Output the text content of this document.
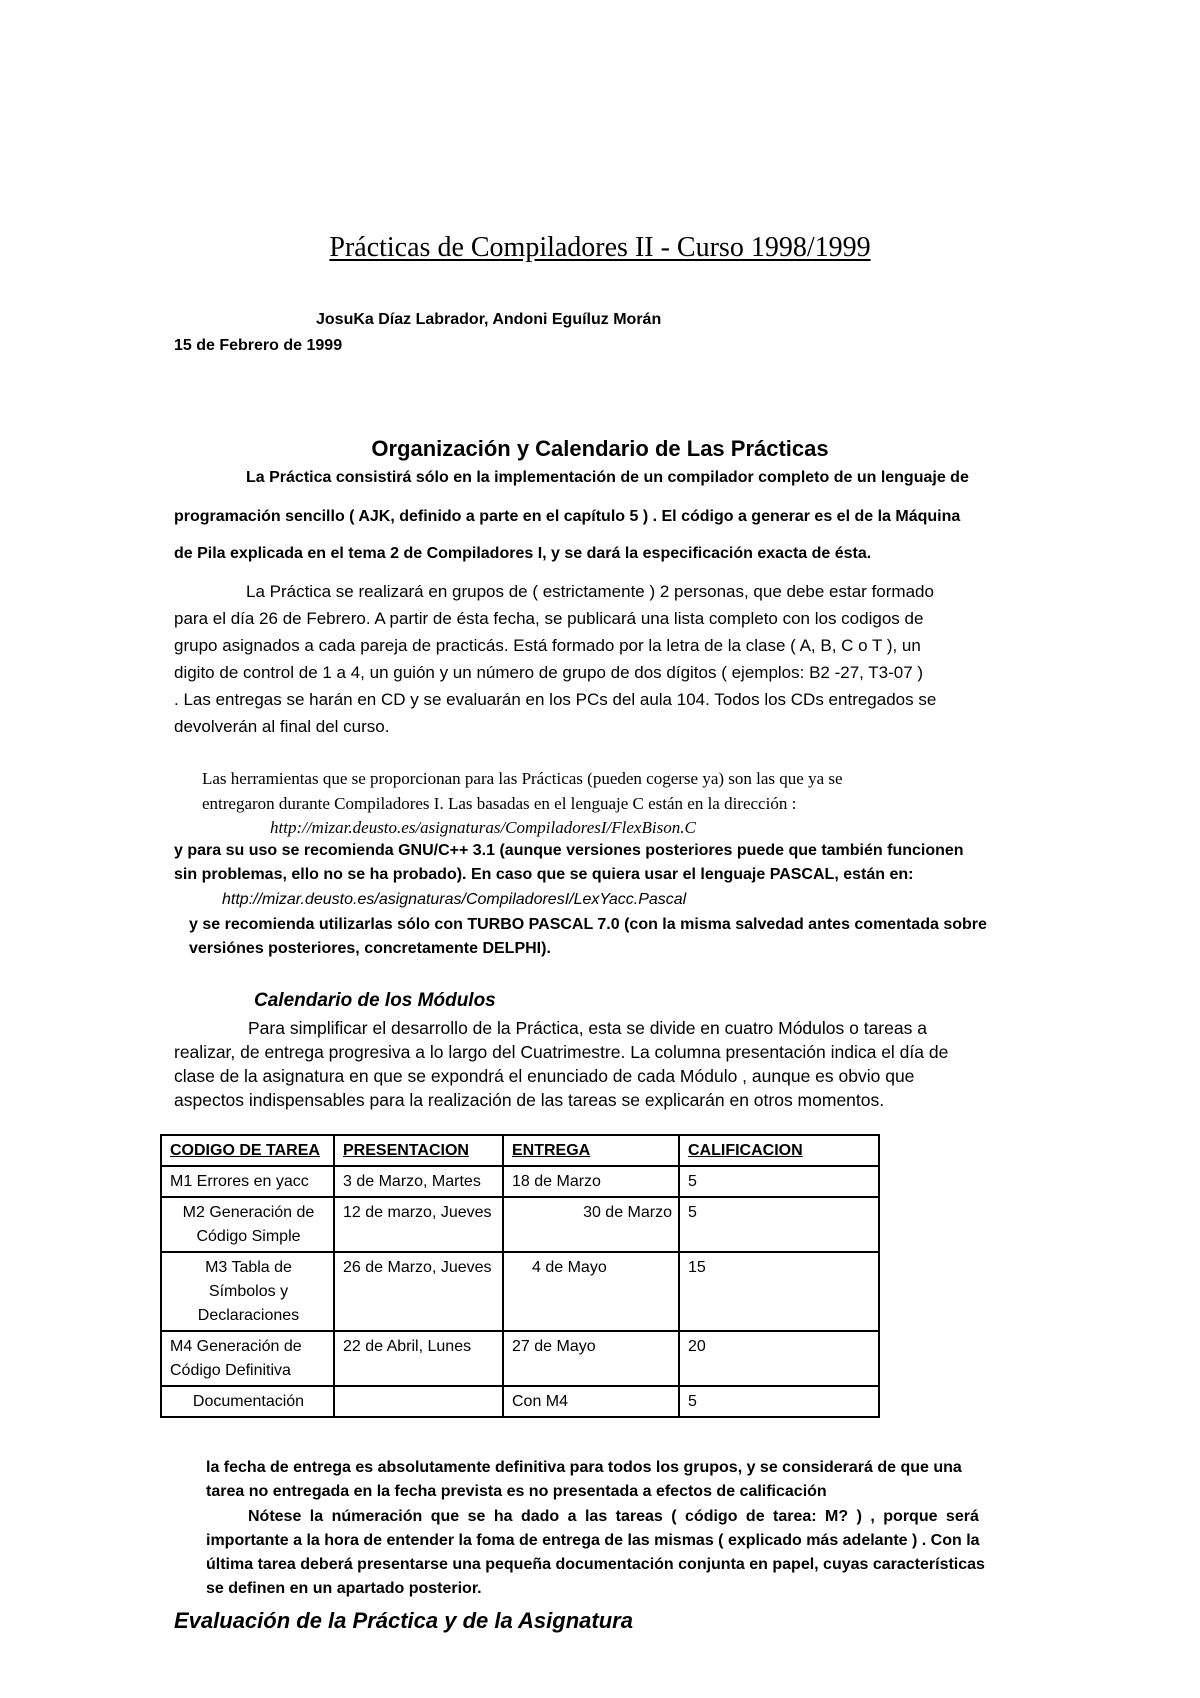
Prácticas de Compiladores II - Curso 1998/1999
JosuKa Díaz Labrador, Andoni Eguíluz Morán
15 de Febrero de 1999
Organización y Calendario de Las Prácticas
La Práctica consistirá sólo en la implementación de un compilador completo de un lenguaje de
programación sencillo ( AJK, definido a parte en el capítulo 5 ) . El código a generar es el de la Máquina
de Pila explicada en el tema 2 de Compiladores I, y se dará la especificación exacta de ésta.
La Práctica se realizará en grupos de ( estrictamente ) 2 personas, que debe estar formado
para el día 26 de Febrero. A partir de ésta fecha, se publicará una lista completo con los codigos de
grupo asignados a cada pareja de practicás. Está formado por la letra de la clase ( A, B, C o T ), un
digito de control de 1 a 4, un guión y un número de grupo de dos dígitos ( ejemplos: B2 -27, T3-07 )
. Las entregas se harán en CD y se evaluarán en los PCs del aula 104. Todos los CDs entregados se
devolverán al final del curso.
Las herramientas que se proporcionan para las Prácticas (pueden cogerse ya) son las que ya se
entregaron durante Compiladores I. Las basadas en el lenguaje C están en la dirección :
http://mizar.deusto.es/asignaturas/CompiladoresI/FlexBison.C
y para su uso se recomienda GNU/C++ 3.1 (aunque versiones posteriores puede que también funcionen
sin problemas, ello no se ha probado). En caso que se quiera usar el lenguaje PASCAL, están en:
http://mizar.deusto.es/asignaturas/CompiladoresI/LexYacc.Pascal
y se recomienda utilizarlas sólo con TURBO PASCAL 7.0 (con la misma salvedad antes comentada sobre
versiónes posteriores, concretamente DELPHI).
Calendario de los Módulos
Para simplificar el desarrollo de la Práctica, esta se divide en cuatro Módulos o tareas a
realizar, de entrega progresiva a lo largo del Cuatrimestre. La columna presentación indica el día de
clase de la asignatura en que se expondrá el enunciado de cada Módulo , aunque es obvio que
aspectos indispensables para la realización de las tareas se explicarán en otros momentos.
CODIGO DE TAREA	PRESENTACION	ENTREGA	CALIFICACION
M1 Errores en yacc	3 de Marzo, Martes	18 de Marzo	5
M2 Generación de Código Simple	12 de marzo, Jueves	30 de Marzo	5
M3 Tabla de Símbolos y Declaraciones	26 de Marzo, Jueves	4 de Mayo	15
M4 Generación de Código Definitiva	22 de Abril, Lunes	27 de Mayo	20
Documentación		Con M4	5
la fecha de entrega es absolutamente definitiva para todos los grupos, y se considerará de que una
tarea no entregada en la fecha prevista es no presentada a efectos de calificación
Nótese la númeración que se ha dado a las tareas ( código de tarea: M? ) , porque será
importante a la hora de entender la foma de entrega de las mismas ( explicado más adelante ) . Con la
última tarea deberá presentarse una pequeña documentación conjunta en papel, cuyas características
se definen en un apartado posterior.
Evaluación de la Práctica y de la Asignatura
